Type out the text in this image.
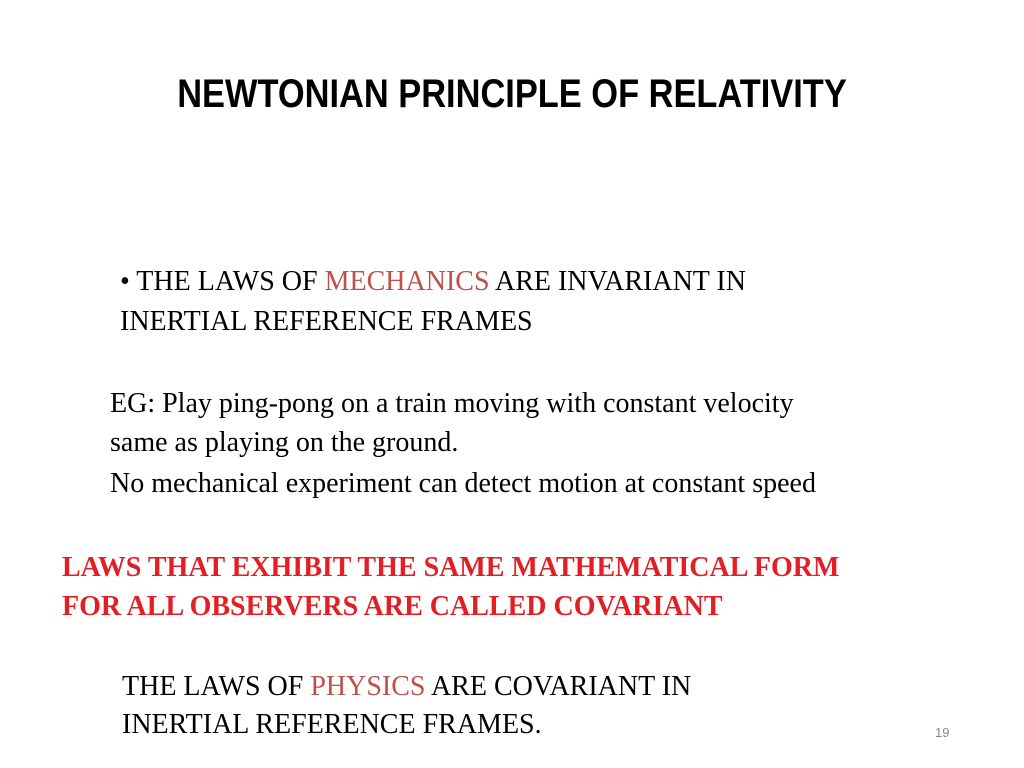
NEWTONIAN PRINCIPLE OF RELATIVITY
• THE LAWS OF MECHANICS ARE INVARIANT IN
INERTIAL REFERENCE FRAMES
EG: Play ping-pong on a train moving with constant velocity
same as playing on the ground.
No mechanical experiment can detect motion at constant speed
LAWS THAT EXHIBIT THE SAME MATHEMATICAL FORM
FOR ALL OBSERVERS ARE CALLED COVARIANT
THE LAWS OF PHYSICS ARE COVARIANT IN
INERTIAL REFERENCE FRAMES.	19
